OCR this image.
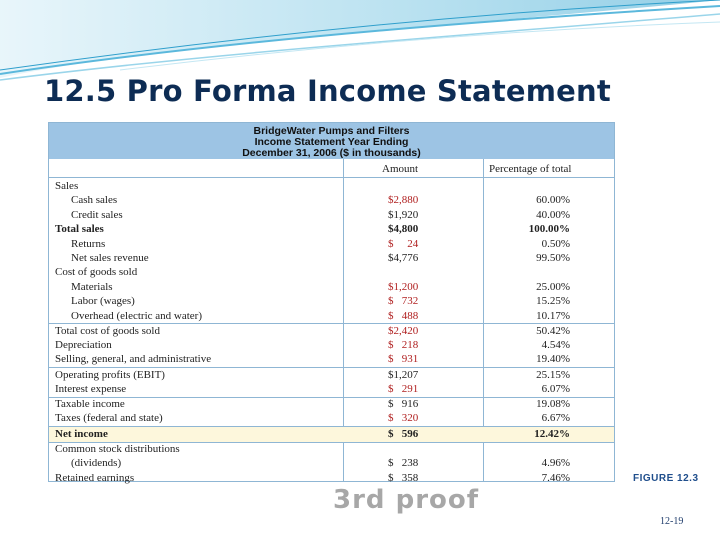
12.5 Pro Forma Income Statement
BridgeWater Pumps and Filters
Income Statement Year Ending
December 31, 2006 ($ in thousands)
Amount	Percentage of total
Sales
Cash sales	$2,880	60.00%
Credit sales	$1,920	40.00%
Total sales	$4,800	100.00%
Returns	$     24	0.50%
Net sales revenue	$4,776	99.50%
Cost of goods sold
Materials	$1,200	25.00%
Labor (wages)	$   732	15.25%
Overhead (electric and water)	$   488	10.17%
Total cost of goods sold	$2,420	50.42%
Depreciation	$   218	4.54%
Selling, general, and administrative	$   931	19.40%
Operating profits (EBIT)	$1,207	25.15%
Interest expense	$   291	6.07%
Taxable income	$   916	19.08%
Taxes (federal and state)	$   320	6.67%
Net income	$   596	12.42%
Common stock distributions
(dividends)	$   238	4.96%
Retained earnings	$   358	7.46%
3rd proof
FIGURE 12.3
12-19
